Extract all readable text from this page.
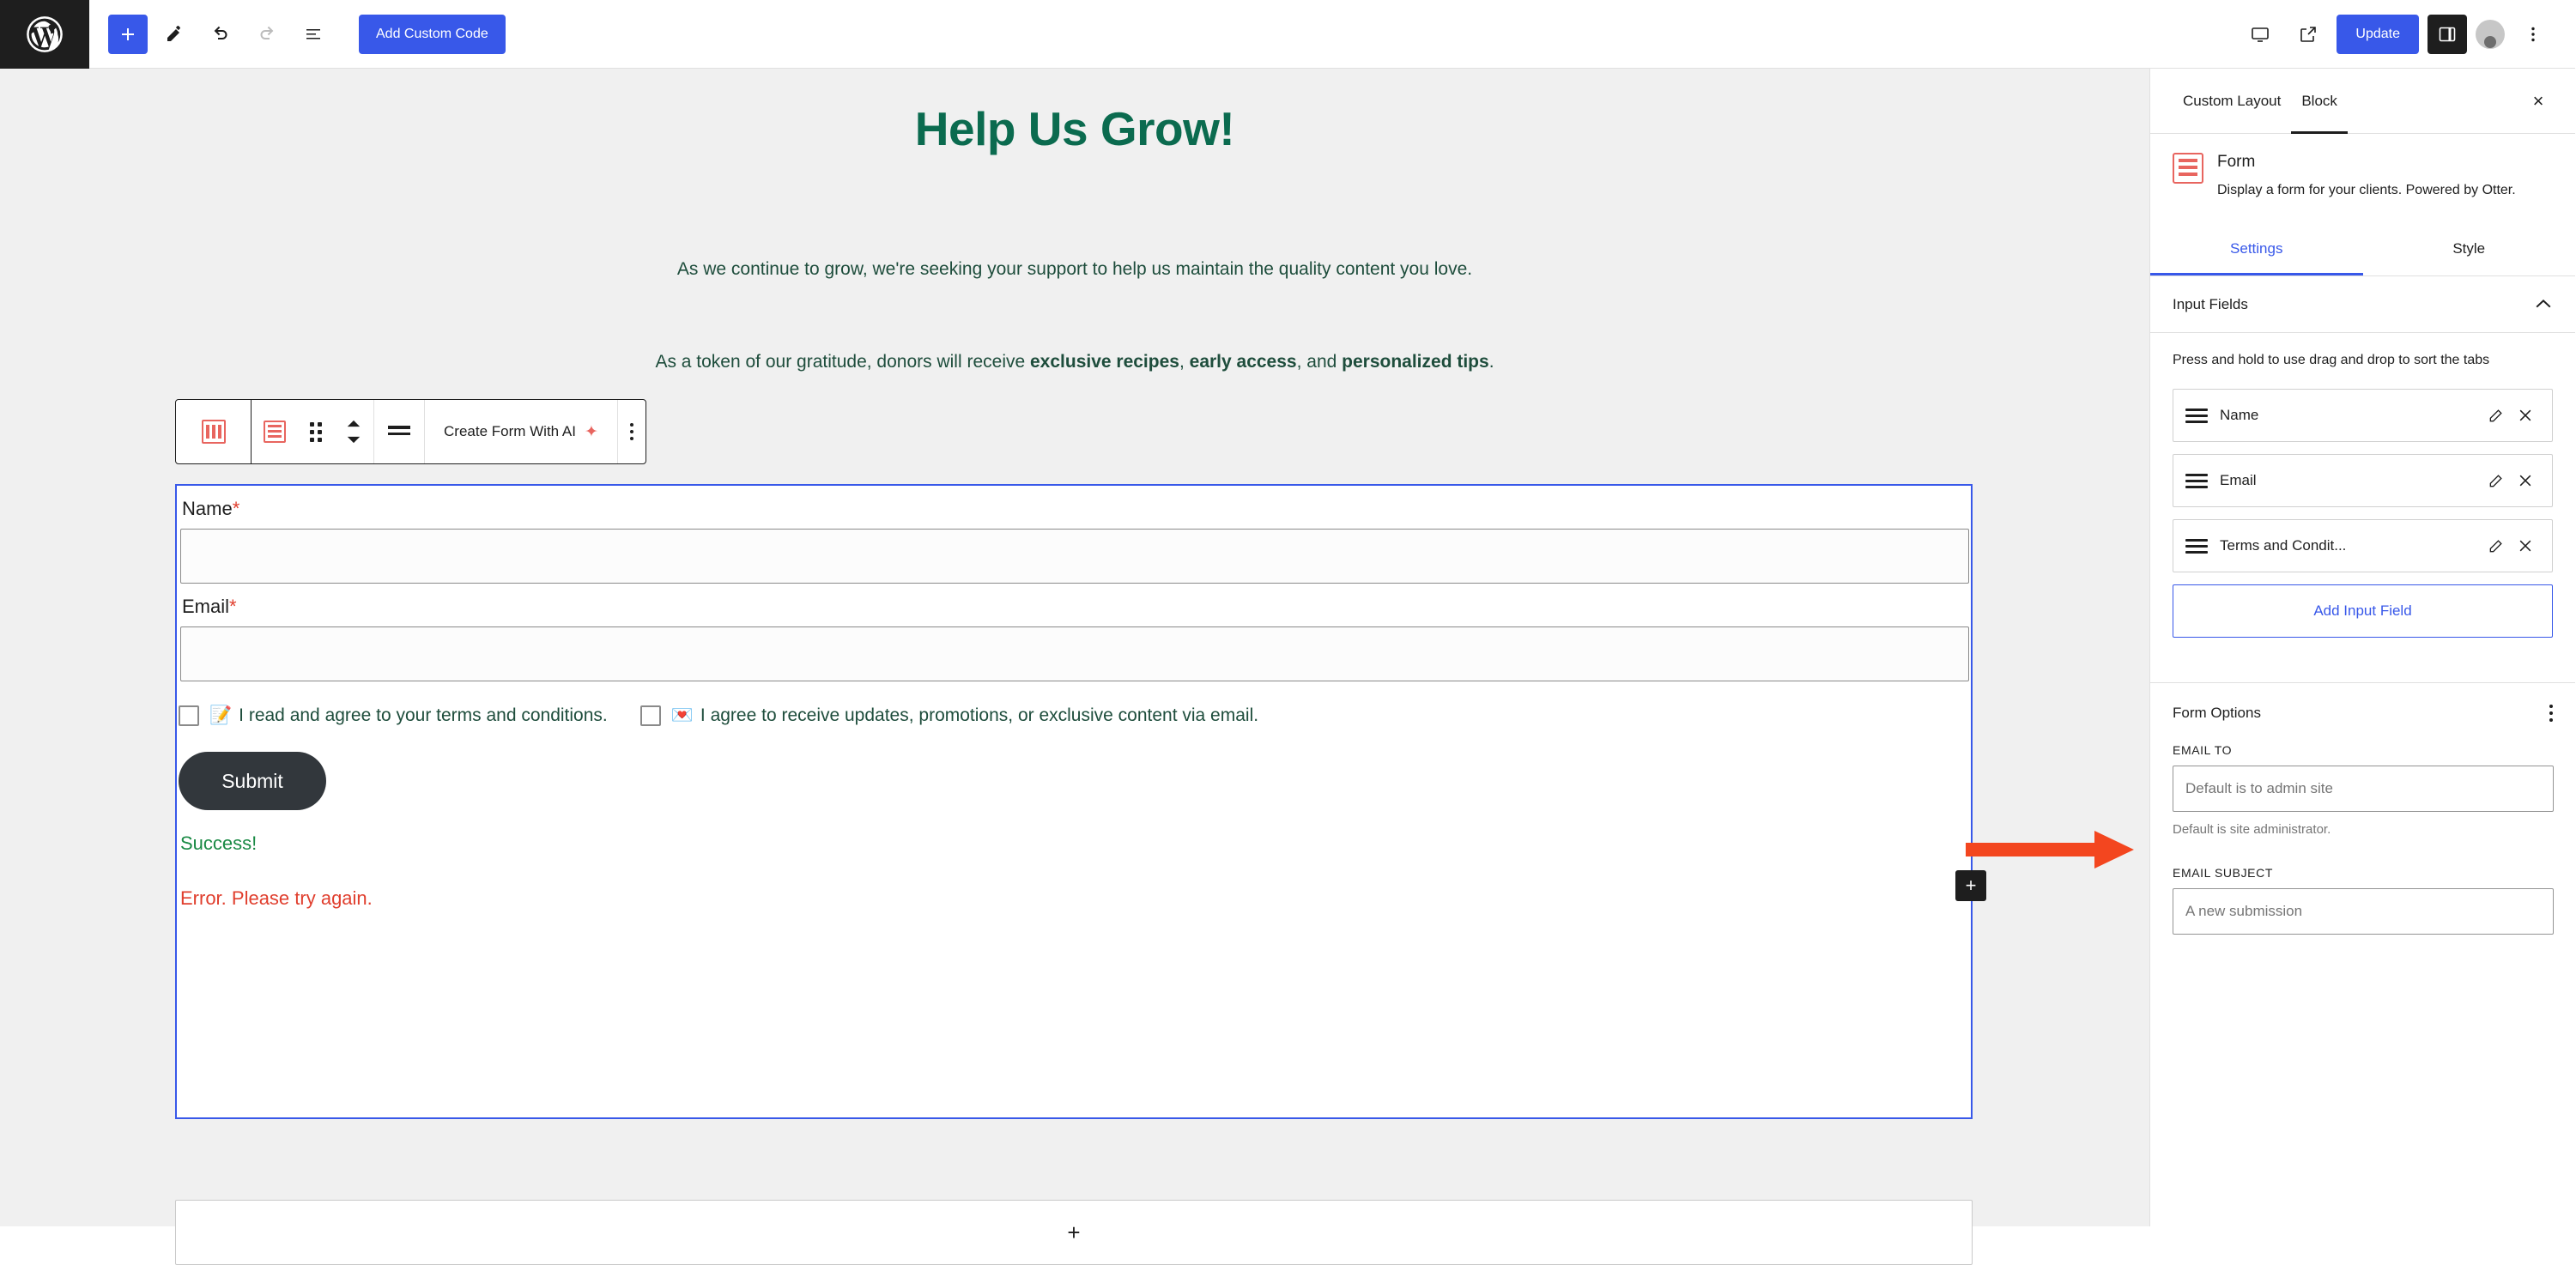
Add Custom Code	Update
Help Us Grow!
As we continue to grow, we're seeking your support to help us maintain the quality content you love.
As a token of our gratitude, donors will receive exclusive recipes, early access, and personalized tips.
Create Form With AI ✦
Name*
Email*
📝 I read and agree to your terms and conditions.	💌 I agree to receive updates, promotions, or exclusive content via email.
Submit
Success!
Error. Please try again.
+
+
Custom Layout	Block	×
Form
Display a form for your clients. Powered by Otter.
Settings	Style
Input Fields
Press and hold to use drag and drop to sort the tabs
Name
Email
Terms and Condit...
Add Input Field
Form Options
EMAIL TO
Default is to admin site
Default is site administrator.
EMAIL SUBJECT
A new submission
